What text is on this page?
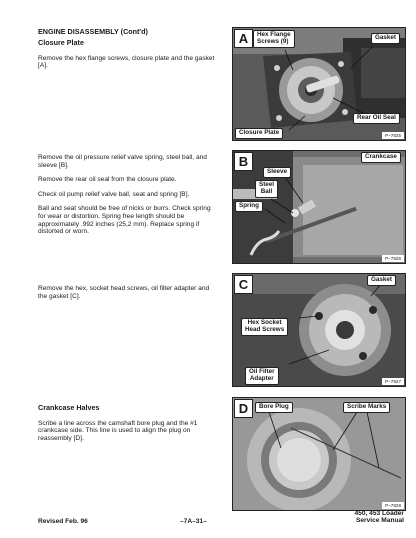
ENGINE DISASSEMBLY (Cont'd)
Closure Plate

Remove the hex flange screws, closure plate and the gasket [A].

Remove the oil pressure relief valve spring, steel ball, and sleeve [B].

Remove the rear oil seal from the closure plate.

Check oil pump relief valve ball, seat and spring [B].

Ball and seat should be free of nicks or burrs. Check spring for wear or distortion. Spring free length should be approximately .992 inches (25,2 mm). Replace spring if distorted or worn.

Remove the hex, socket head screws, oil filter adapter and the gasket [C].

Crankcase Halves

Scribe a line across the camshaft bore plug and the #1 crankcase side. This line is used to align the plug on reassembly [D].

A	Hex Flange
Screws (9)
Gasket
Rear Oil Seal
Closure Plate	P–7825
B	Crankcase
Sleeve
Steel
Ball
Spring
P–7826
C	Gasket
Hex Socket
Head Screws
Oil Filter
Adapter	P–7827
D	Bore Plug	Scribe Marks
P–7828
Revised Feb. 96	–7A–31–
450, 453 Loader
Service Manual
